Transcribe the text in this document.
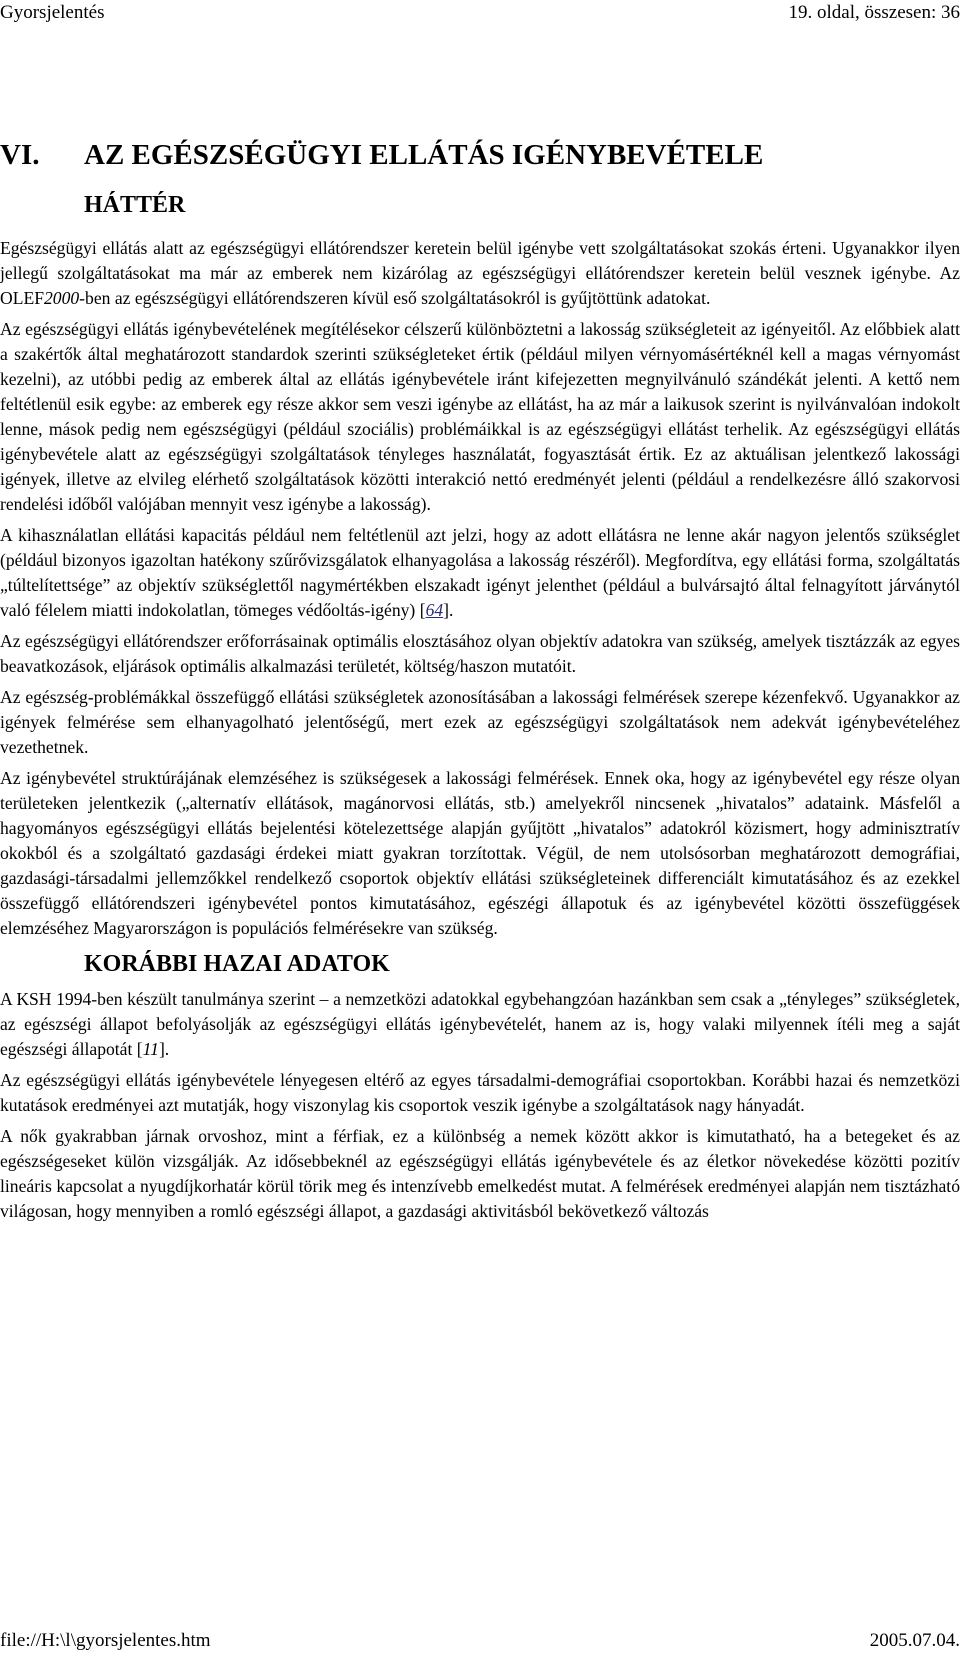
Gyorsjelentés	19. oldal, összesen: 36
VI. AZ EGÉSZSÉGÜGYI ELLÁTÁS IGÉNYBEVÉTELE
HÁTTÉR

Egészségügyi ellátás alatt az egészségügyi ellátórendszer keretein belül igénybe vett szolgáltatásokat szokás érteni. Ugyanakkor ilyen jellegű szolgáltatásokat ma már az emberek nem kizárólag az egészségügyi ellátórendszer keretein belül vesznek igénybe. Az OLEF2000-ben az egészségügyi ellátórendszeren kívül eső szolgáltatásokról is gyűjtöttünk adatokat.

Az egészségügyi ellátás igénybevételének megítélésekor célszerű különböztetni a lakosság szükségleteit az igényeitől. Az előbbiek alatt a szakértők által meghatározott standardok szerinti szükségleteket értik (például milyen vérnyomásértéknél kell a magas vérnyomást kezelni), az utóbbi pedig az emberek által az ellátás igénybevétele iránt kifejezetten megnyilvánuló szándékát jelenti. A kettő nem feltétlenül esik egybe: az emberek egy része akkor sem veszi igénybe az ellátást, ha az már a laikusok szerint is nyilvánvalóan indokolt lenne, mások pedig nem egészségügyi (például szociális) problémáikkal is az egészségügyi ellátást terhelik. Az egészségügyi ellátás igénybevétele alatt az egészségügyi szolgáltatások tényleges használatát, fogyasztását értik. Ez az aktuálisan jelentkező lakossági igények, illetve az elvileg elérhető szolgáltatások közötti interakció nettó eredményét jelenti (például a rendelkezésre álló szakorvosi rendelési időből valójában mennyit vesz igénybe a lakosság).

A kihasználatlan ellátási kapacitás például nem feltétlenül azt jelzi, hogy az adott ellátásra ne lenne akár nagyon jelentős szükséglet (például bizonyos igazoltan hatékony szűrővizsgálatok elhanyagolása a lakosság részéről). Megfordítva, egy ellátási forma, szolgáltatás „túltelítettsége” az objektív szükséglettől nagymértékben elszakadt igényt jelenthet (például a bulvársajtó által felnagyított járványtól való félelem miatti indokolatlan, tömeges védőoltás-igény) [64].

Az egészségügyi ellátórendszer erőforrásainak optimális elosztásához olyan objektív adatokra van szükség, amelyek tisztázzák az egyes beavatkozások, eljárások optimális alkalmazási területét, költség/haszon mutatóit.

Az egészség-problémákkal összefüggő ellátási szükségletek azonosításában a lakossági felmérések szerepe kézenfekvő. Ugyanakkor az igények felmérése sem elhanyagolható jelentőségű, mert ezek az egészségügyi szolgáltatások nem adekvát igénybevételéhez vezethetnek.

Az igénybevétel struktúrájának elemzéséhez is szükségesek a lakossági felmérések. Ennek oka, hogy az igénybevétel egy része olyan területeken jelentkezik („alternatív ellátások, magánorvosi ellátás, stb.) amelyekről nincsenek „hivatalos” adataink. Másfelől a hagyományos egészségügyi ellátás bejelentési kötelezettsége alapján gyűjtött „hivatalos” adatokról közismert, hogy adminisztratív okokból és a szolgáltató gazdasági érdekei miatt gyakran torzítottak. Végül, de nem utolsósorban meghatározott demográfiai, gazdasági-társadalmi jellemzőkkel rendelkező csoportok objektív ellátási szükségleteinek differenciált kimutatásához és az ezekkel összefüggő ellátórendszeri igénybevétel pontos kimutatásához, egészégi állapotuk és az igénybevétel közötti összefüggések elemzéséhez Magyarországon is populációs felmérésekre van szükség.

KORÁBBI HAZAI ADATOK

A KSH 1994-ben készült tanulmánya szerint – a nemzetközi adatokkal egybehangzóan hazánkban sem csak a „tényleges” szükségletek, az egészségi állapot befolyásolják az egészségügyi ellátás igénybevételét, hanem az is, hogy valaki milyennek ítéli meg a saját egészségi állapotát [11].

Az egészségügyi ellátás igénybevétele lényegesen eltérő az egyes társadalmi-demográfiai csoportokban. Korábbi hazai és nemzetközi kutatások eredményei azt mutatják, hogy viszonylag kis csoportok veszik igénybe a szolgáltatások nagy hányadát.

A nők gyakrabban járnak orvoshoz, mint a férfiak, ez a különbség a nemek között akkor is kimutatható, ha a betegeket és az egészségeseket külön vizsgálják. Az idősebbeknél az egészségügyi ellátás igénybevétele és az életkor növekedése közötti pozitív lineáris kapcsolat a nyugdíjkorhatár körül törik meg és intenzívebb emelkedést mutat. A felmérések eredményei alapján nem tisztázható világosan, hogy mennyiben a romló egészségi állapot, a gazdasági aktivitásból bekövetkező változás

file://H:\l\gyorsjelentes.htm	2005.07.04.
